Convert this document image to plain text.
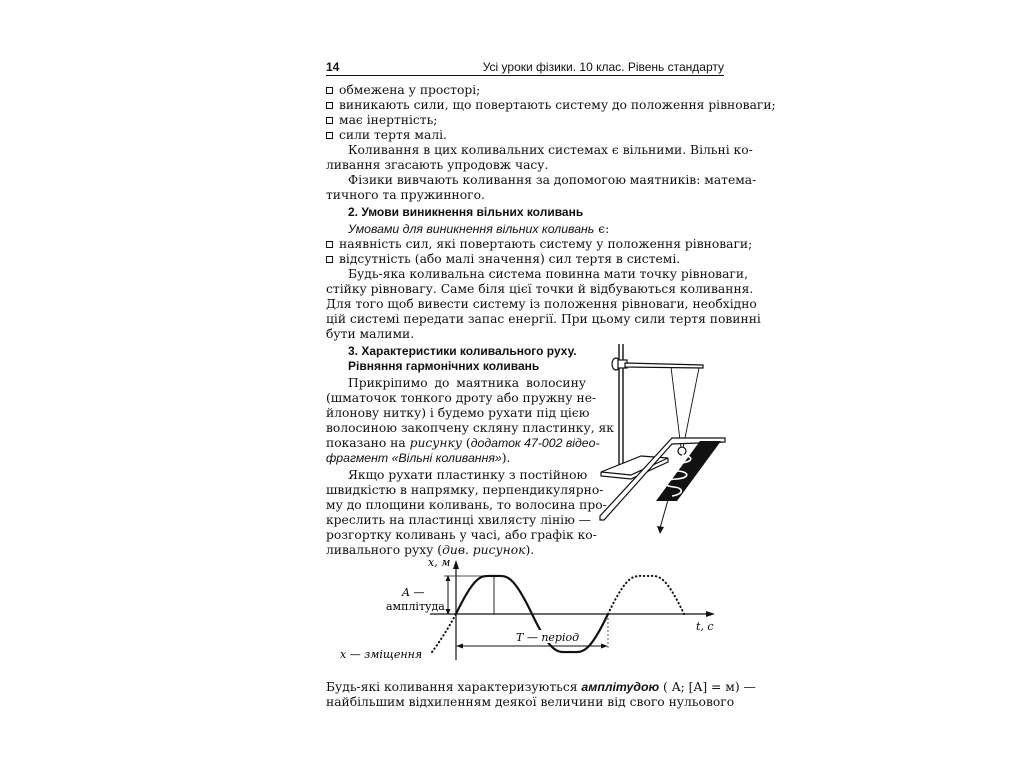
14	Усі уроки фізики. 10 клас. Рівень стандарту
обмежена у просторі;
виникають сили, що повертають систему до положення рівноваги;
має інертність;
сили тертя малі.
Коливання в цих коливальних системах є вільними. Вільні ко-
ливання згасають упродовж часу.
Фізики вивчають коливання за допомогою маятників: матема-
тичного та пружинного.
2. Умови виникнення вільних коливань
Умовами для виникнення вільних коливань є:
наявність сил, які повертають систему у положення рівноваги;
відсутність (або малі значення) сил тертя в системі.
Будь-яка коливальна система повинна мати точку рівноваги,
стійку рівновагу. Саме біля цієї точки й відбуваються коливання.
Для того щоб вивести систему із положення рівноваги, необхідно
цій системі передати запас енергії. При цьому сили тертя повинні
бути малими.
3. Характеристики коливального руху.
Рівняння гармонічних коливань
Прикріпимо до маятника волосину
(шматочок тонкого дроту або пружну не-
йлонову нитку) і будемо рухати під цією
волосиною закопчену скляну пластинку, як
показано на рисунку (додаток 47-002 відео-
фрагмент «Вільні коливання»).
Якщо рухати пластинку з постійною
швидкістю в напрямку, перпендикулярно-
му до площини коливань, то волосина про-
креслить на пластинці хвилясту лінію —
розгортку коливань у часі, або графік ко-
ливального руху (див. рисунок).
x, м
t, с
A —
амплітуда
T — період
x — зміщення
Будь-які коливання характеризуються амплітудою ( A; [A] = м) —
найбільшим відхиленням деякої величини від свого нульового
